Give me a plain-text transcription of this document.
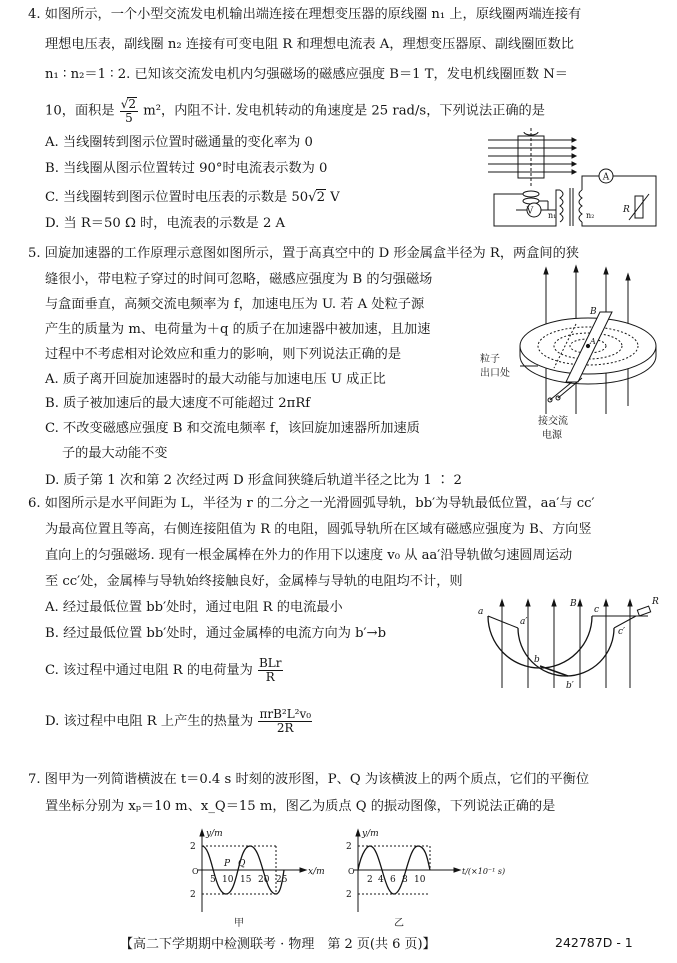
4. 如图所示，一个小型交流发电机输出端连接在理想变压器的原线圈 n₁ 上，原线圈两端连接有
理想电压表，副线圈 n₂ 连接有可变电阻 R 和理想电流表 A，理想变压器原、副线圈匝数比
n₁ ∶ n₂＝1 ∶ 2. 已知该交流发电机内匀强磁场的磁感应强度 B＝1 T，发电机线圈匝数 N＝
10，面积是 $\frac{√2}{5} m^2$，内阻不计. 发电机转动的角速度是 25 rad/s，下列说法正确的是
A. 当线圈转到图示位置时磁通量的变化率为 0
B. 当线圈从图示位置转过 90°时电流表示数为 0
C. 当线圈转到图示位置时电压表的示数是 50√2 V
D. 当 R＝50 Ω 时，电流表的示数是 2 A
V
A
n₁	n₂
R
5. 回旋加速器的工作原理示意图如图所示，置于高真空中的 D 形金属盒半径为 R，两盒间的狭
缝很小，带电粒子穿过的时间可忽略，磁感应强度为 B 的匀强磁场
与盒面垂直，高频交流电频率为 f，加速电压为 U. 若 A 处粒子源
产生的质量为 m、电荷量为＋q 的质子在加速器中被加速，且加速
过程中不考虑相对论效应和重力的影响，则下列说法正确的是
A. 质子离开回旋加速器时的最大动能与加速电压 U 成正比
B. 质子被加速后的最大速度不可能超过 2πRf
C. 不改变磁感应强度 B 和交流电频率 f，该回旋加速器所加速质
子的最大动能不变
D. 质子第 1 次和第 2 次经过两 D 形盒间狭缝后轨道半径之比为 1 ∶ 2
B
A
粒子
出口处
接交流
电源
6. 如图所示是水平间距为 L，半径为 r 的二分之一光滑圆弧导轨，bb′为导轨最低位置，aa′与 cc′
为最高位置且等高，右侧连接阻值为 R 的电阻，圆弧导轨所在区域有磁感应强度为 B、方向竖
直向上的匀强磁场. 现有一根金属棒在外力的作用下以速度 v₀ 从 aa′沿导轨做匀速圆周运动
至 cc′处，金属棒与导轨始终接触良好，金属棒与导轨的电阻均不计，则
A. 经过最低位置 bb′处时，通过电阻 R 的电流最小
B. 经过最低位置 bb′处时，通过金属棒的电流方向为 b′→b
C. 该过程中通过电阻 R 的电荷量为 $\frac{\text{BLr}}{R}$
D. 该过程中电阻 R 上产生的热量为 $\frac{\text{πrB²L²v₀}}{2R}$
a
a′
b
b′
c
c′
B	R
7. 图甲为一列简谐横波在 t＝0.4 s 时刻的波形图，P、Q 为该横波上的两个质点，它们的平衡位
置坐标分别为 xₚ＝10 m、x_Q＝15 m，图乙为质点 Q 的振动图像，下列说法正确的是
y/m
x/m
2
2
O
5 10 15 20 25
P Q
甲
y/m
t/(×10⁻¹ s)
2
2
O
2 4 6 8 10
乙
【高二下学期期中检测联考 · 物理　第 2 页(共 6 页)】	242787D - 1
